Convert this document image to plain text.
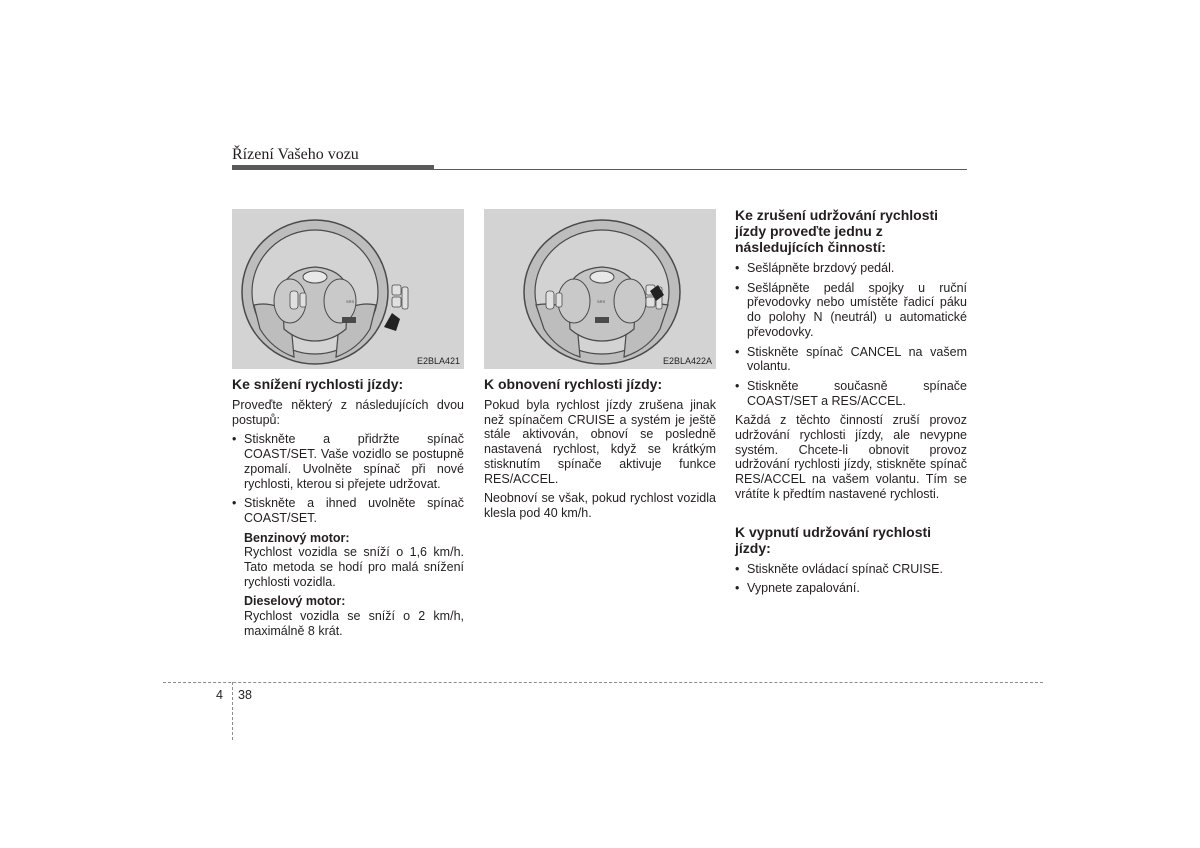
Řízení Vašeho vozu
SRS
E2BLA421
SRS
E2BLA422A
Ke snížení rychlosti jízdy:

Proveďte některý z následujících dvou postupů:

• Stiskněte a přidržte spínač COAST/SET. Vaše vozidlo se postupně zpomalí. Uvolněte spínač při nové rychlosti, kterou si přejete udržovat.
• Stiskněte a ihned uvolněte spínač COAST/SET.
Benzinový motor:
Rychlost vozidla se sníží o 1,6 km/h. Tato metoda se hodí pro malá snížení rychlosti vozidla.
Dieselový motor:
Rychlost vozidla se sníží o 2 km/h, maximálně 8 krát.
K obnovení rychlosti jízdy:

Pokud byla rychlost jízdy zrušena jinak než spínačem CRUISE a systém je ještě stále aktivován, obnoví se posledně nastavená rychlost, když se krátkým stisknutím spínače aktivuje funkce RES/ACCEL.

Neobnoví se však, pokud rychlost vozidla klesla pod 40 km/h.

Ke zrušení udržování rychlosti jízdy proveďte jednu z následujících činností:
• Sešlápněte brzdový pedál.
• Sešlápněte pedál spojky u ruční převodovky nebo umístěte řadicí páku do polohy N (neutrál) u automatické převodovky.
• Stiskněte spínač CANCEL na vašem volantu.
• Stiskněte současně spínače COAST/SET a RES/ACCEL.

Každá z těchto činností zruší provoz udržování rychlosti jízdy, ale nevypne systém. Chcete-li obnovit provoz udržování rychlosti jízdy, stiskněte spínač RES/ACCEL na vašem volantu. Tím se vrátíte k předtím nastavené rychlosti.

K vypnutí udržování rychlosti jízdy:
• Stiskněte ovládací spínač CRUISE.
• Vypnete zapalování.
4 38
